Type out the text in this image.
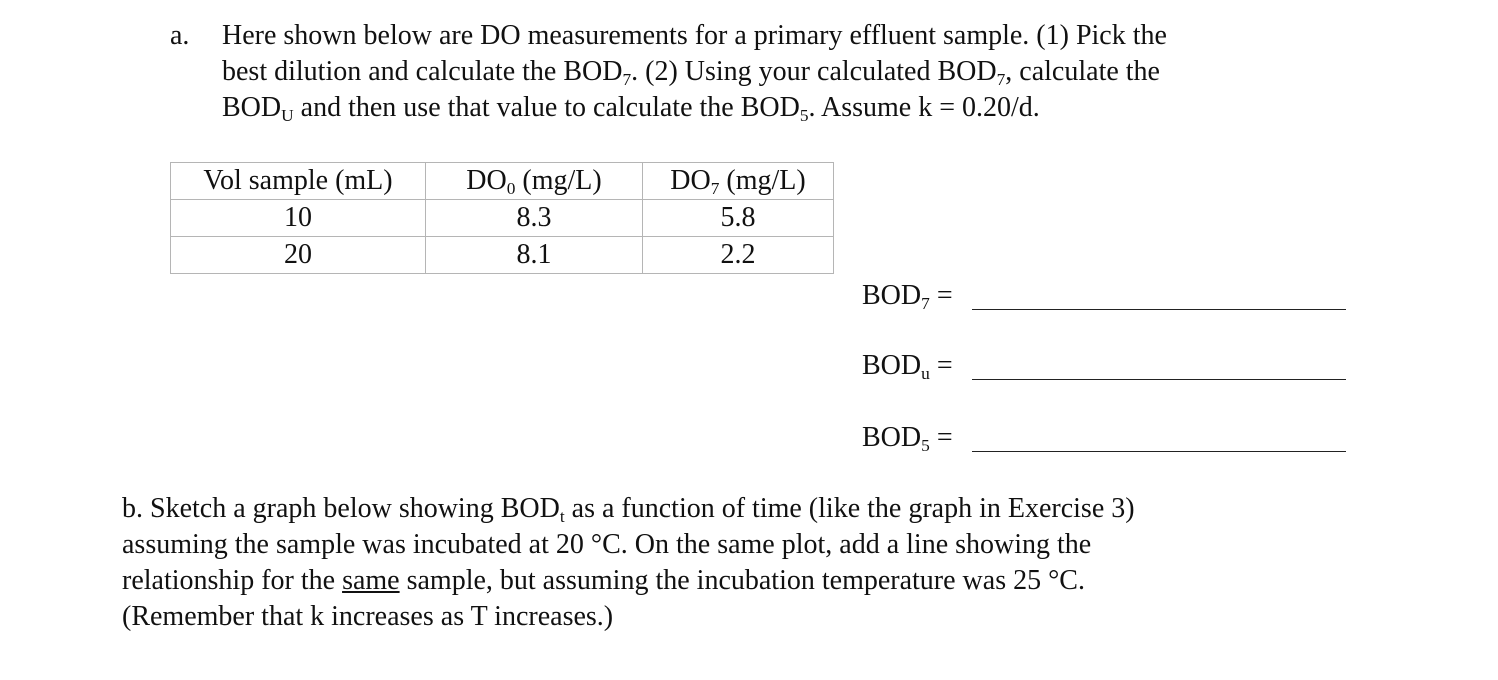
a. Here shown below are DO measurements for a primary effluent sample. (1) Pick the
best dilution and calculate the BOD7. (2) Using your calculated BOD7, calculate the
BODU and then use that value to calculate the BOD5. Assume k = 0.20/d.
Vol sample (mL)	DO0 (mg/L)	DO7 (mg/L)
10	8.3	5.8
20	8.1	2.2
BOD7 =
BODu =
BOD5 =
b. Sketch a graph below showing BODt as a function of time (like the graph in Exercise 3)
assuming the sample was incubated at 20 °C. On the same plot, add a line showing the
relationship for the same sample, but assuming the incubation temperature was 25 °C.
(Remember that k increases as T increases.)
